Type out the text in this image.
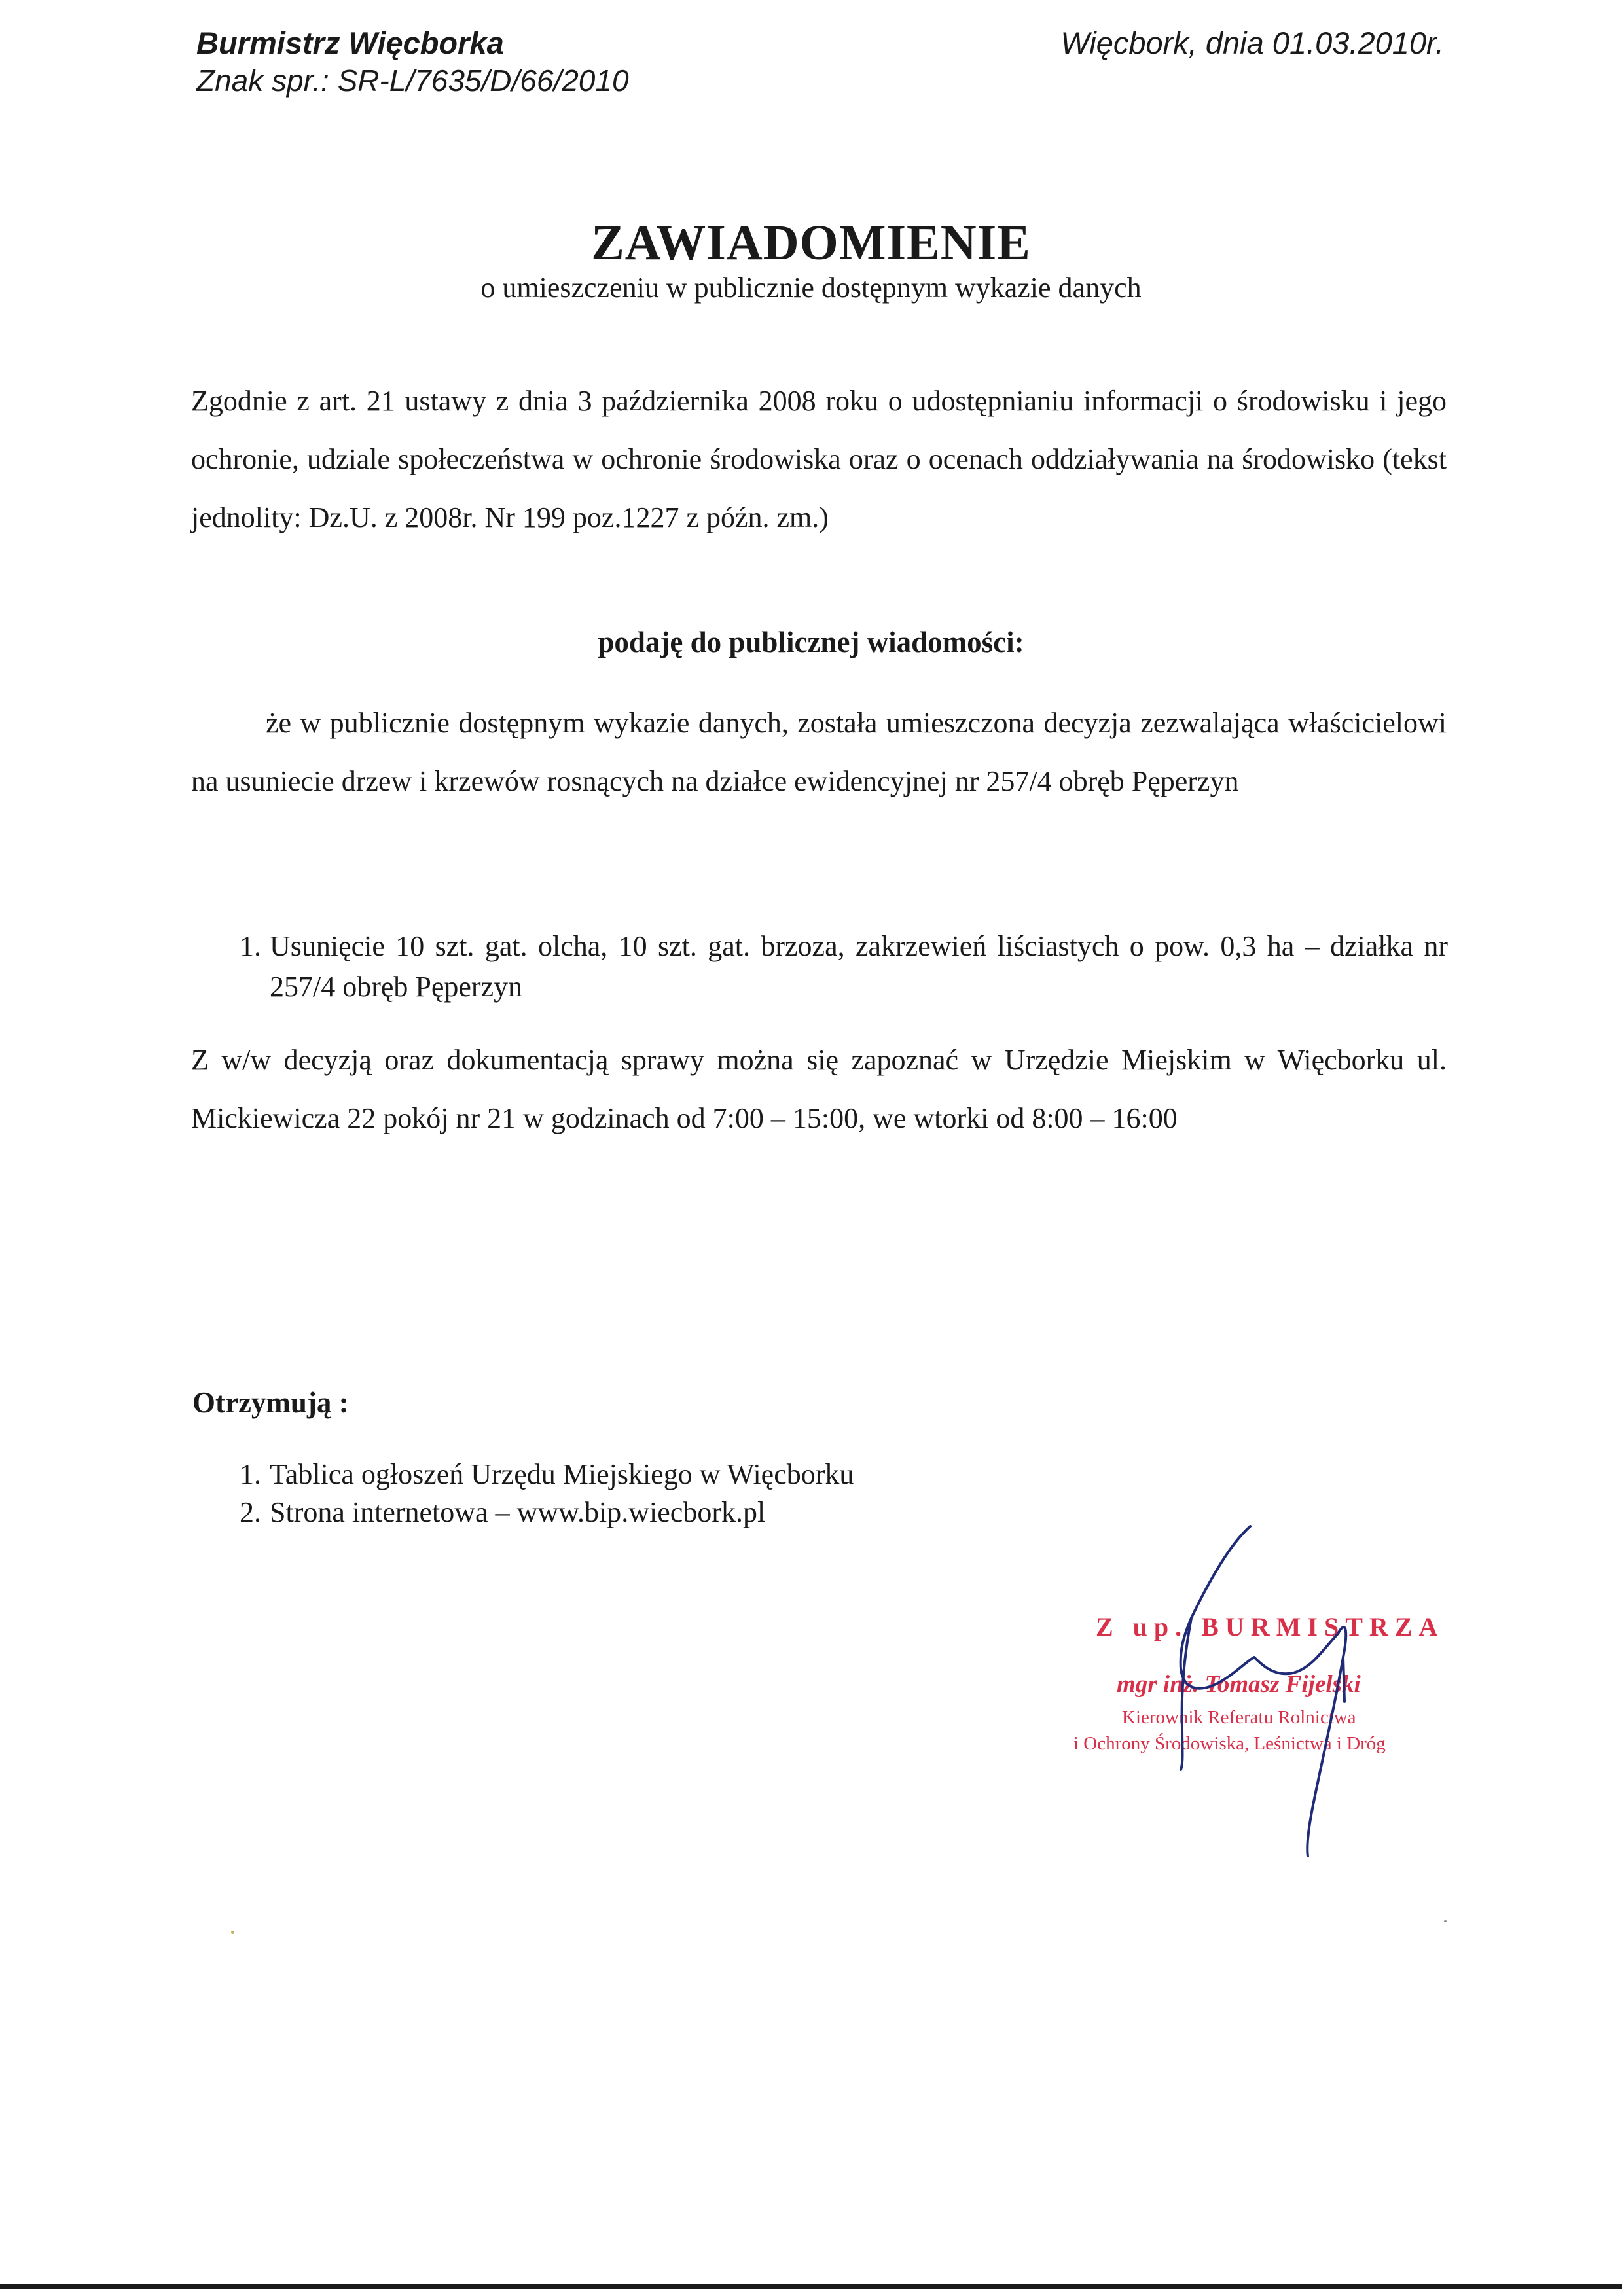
Burmistrz Więcborka
Znak spr.: SR-L/7635/D/66/2010
Więcbork, dnia 01.03.2010r.
ZAWIADOMIENIE
o umieszczeniu w publicznie dostępnym wykazie danych
Zgodnie z art. 21 ustawy z dnia 3 października 2008 roku o udostępnianiu informacji o środowisku i jego ochronie, udziale społeczeństwa w ochronie środowiska oraz o ocenach oddziaływania na środowisko (tekst jednolity: Dz.U. z 2008r. Nr 199 poz.1227 z późn. zm.)
podaję do publicznej wiadomości:
że w publicznie dostępnym wykazie danych, została umieszczona decyzja zezwalająca właścicielowi na usuniecie drzew i krzewów rosnących na działce ewidencyjnej nr 257/4 obręb Pęperzyn
1. Usunięcie 10 szt. gat. olcha, 10 szt. gat. brzoza, zakrzewień liściastych o pow. 0,3 ha – działka nr 257/4 obręb Pęperzyn
Z w/w decyzją oraz dokumentacją sprawy można się zapoznać w Urzędzie Miejskim w Więcborku ul. Mickiewicza 22 pokój nr 21 w godzinach od 7:00 – 15:00, we wtorki od 8:00 – 16:00
Otrzymują :
1. Tablica ogłoszeń Urzędu Miejskiego w Więcborku
2. Strona internetowa – www.bip.wiecbork.pl
Z up. BURMISTRZA
mgr inż. Tomasz Fijelski
Kierownik Referatu Rolnictwa
i Ochrony Środowiska, Leśnictwa i Dróg
